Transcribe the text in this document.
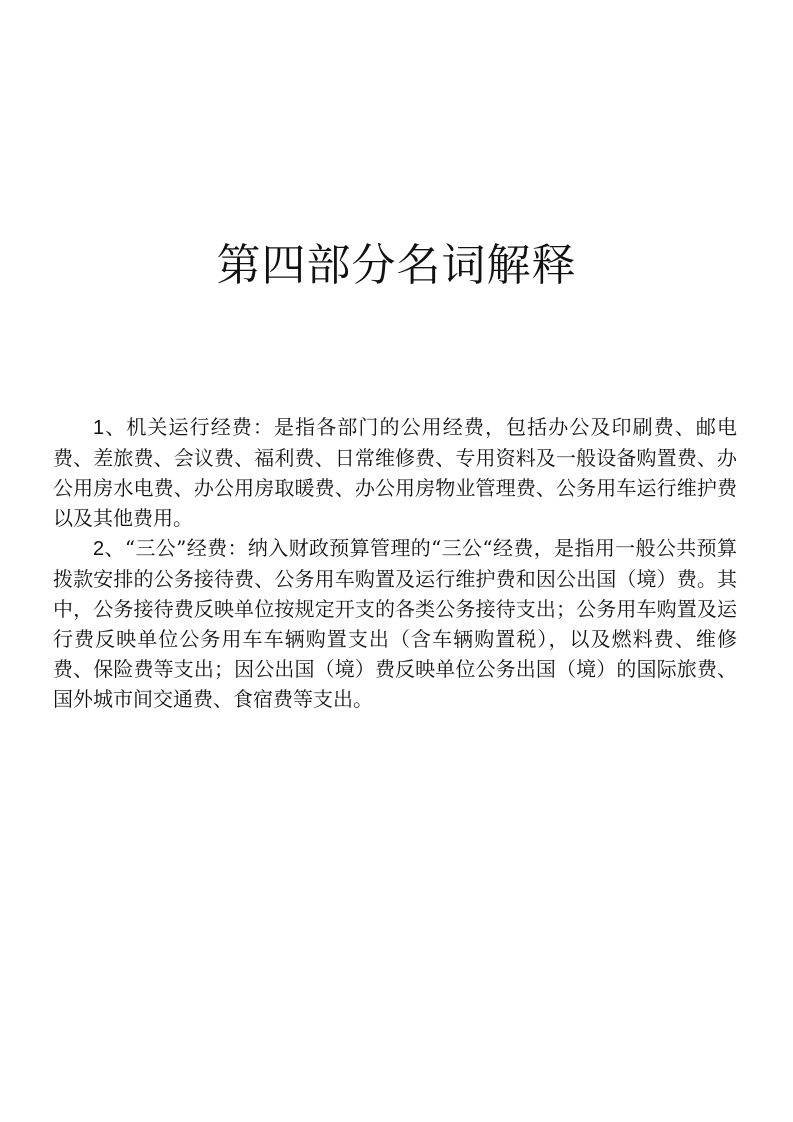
第四部分名词解释

1、机关运行经费：是指各部门的公用经费，包括办公及印刷费、邮电费、差旅费、会议费、福利费、日常维修费、专用资料及一般设备购置费、办公用房水电费、办公用房取暖费、办公用房物业管理费、公务用车运行维护费以及其他费用。

2、“三公”经费：纳入财政预算管理的“三公“经费，是指用一般公共预算拨款安排的公务接待费、公务用车购置及运行维护费和因公出国（境）费。其中，公务接待费反映单位按规定开支的各类公务接待支出；公务用车购置及运行费反映单位公务用车车辆购置支出（含车辆购置税），以及燃料费、维修费、保险费等支出；因公出国（境）费反映单位公务出国（境）的国际旅费、国外城市间交通费、食宿费等支出。
